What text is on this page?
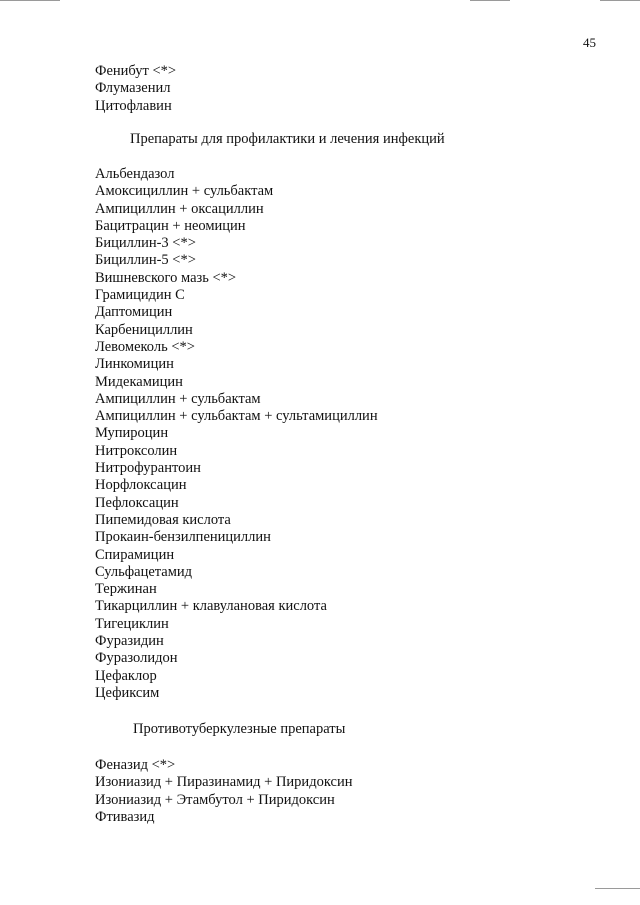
45
Фенибут <*>
Флумазенил
Цитофлавин
Препараты для профилактики и лечения инфекций
Альбендазол
Амоксициллин + сульбактам
Ампициллин + оксациллин
Бацитрацин + неомицин
Бициллин-3 <*>
Бициллин-5 <*>
Вишневского мазь <*>
Грамицидин С
Даптомицин
Карбенициллин
Левомеколь <*>
Линкомицин
Мидекамицин
Ампициллин + сульбактам
Ампициллин + сульбактам + сультамициллин
Мупироцин
Нитроксолин
Нитрофурантоин
Норфлоксацин
Пефлоксацин
Пипемидовая кислота
Прокаин-бензилпенициллин
Спирамицин
Сульфацетамид
Тержинан
Тикарциллин + клавулановая кислота
Тигециклин
Фуразидин
Фуразолидон
Цефаклор
Цефиксим
Противотуберкулезные препараты
Феназид <*>
Изониазид + Пиразинамид + Пиридоксин
Изониазид + Этамбутол + Пиридоксин
Фтивазид
